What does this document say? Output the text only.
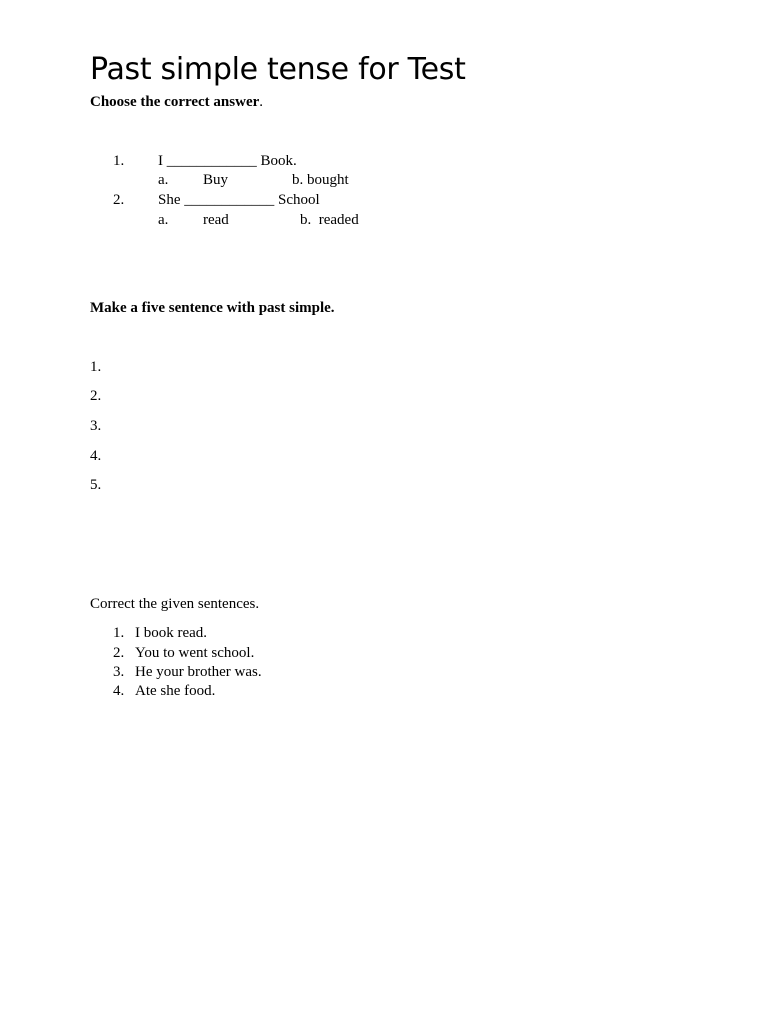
Past simple tense for Test
Choose the correct answer.
1. I ____________ Book.
a. Buy	b. bought
2. She ____________ School
a. read	b.  readed
Make a five sentence with past simple.
1.
2.
3.
4.
5.
Correct the given sentences.
1. I book read.
2. You to went school.
3. He your brother was.
4. Ate she food.
